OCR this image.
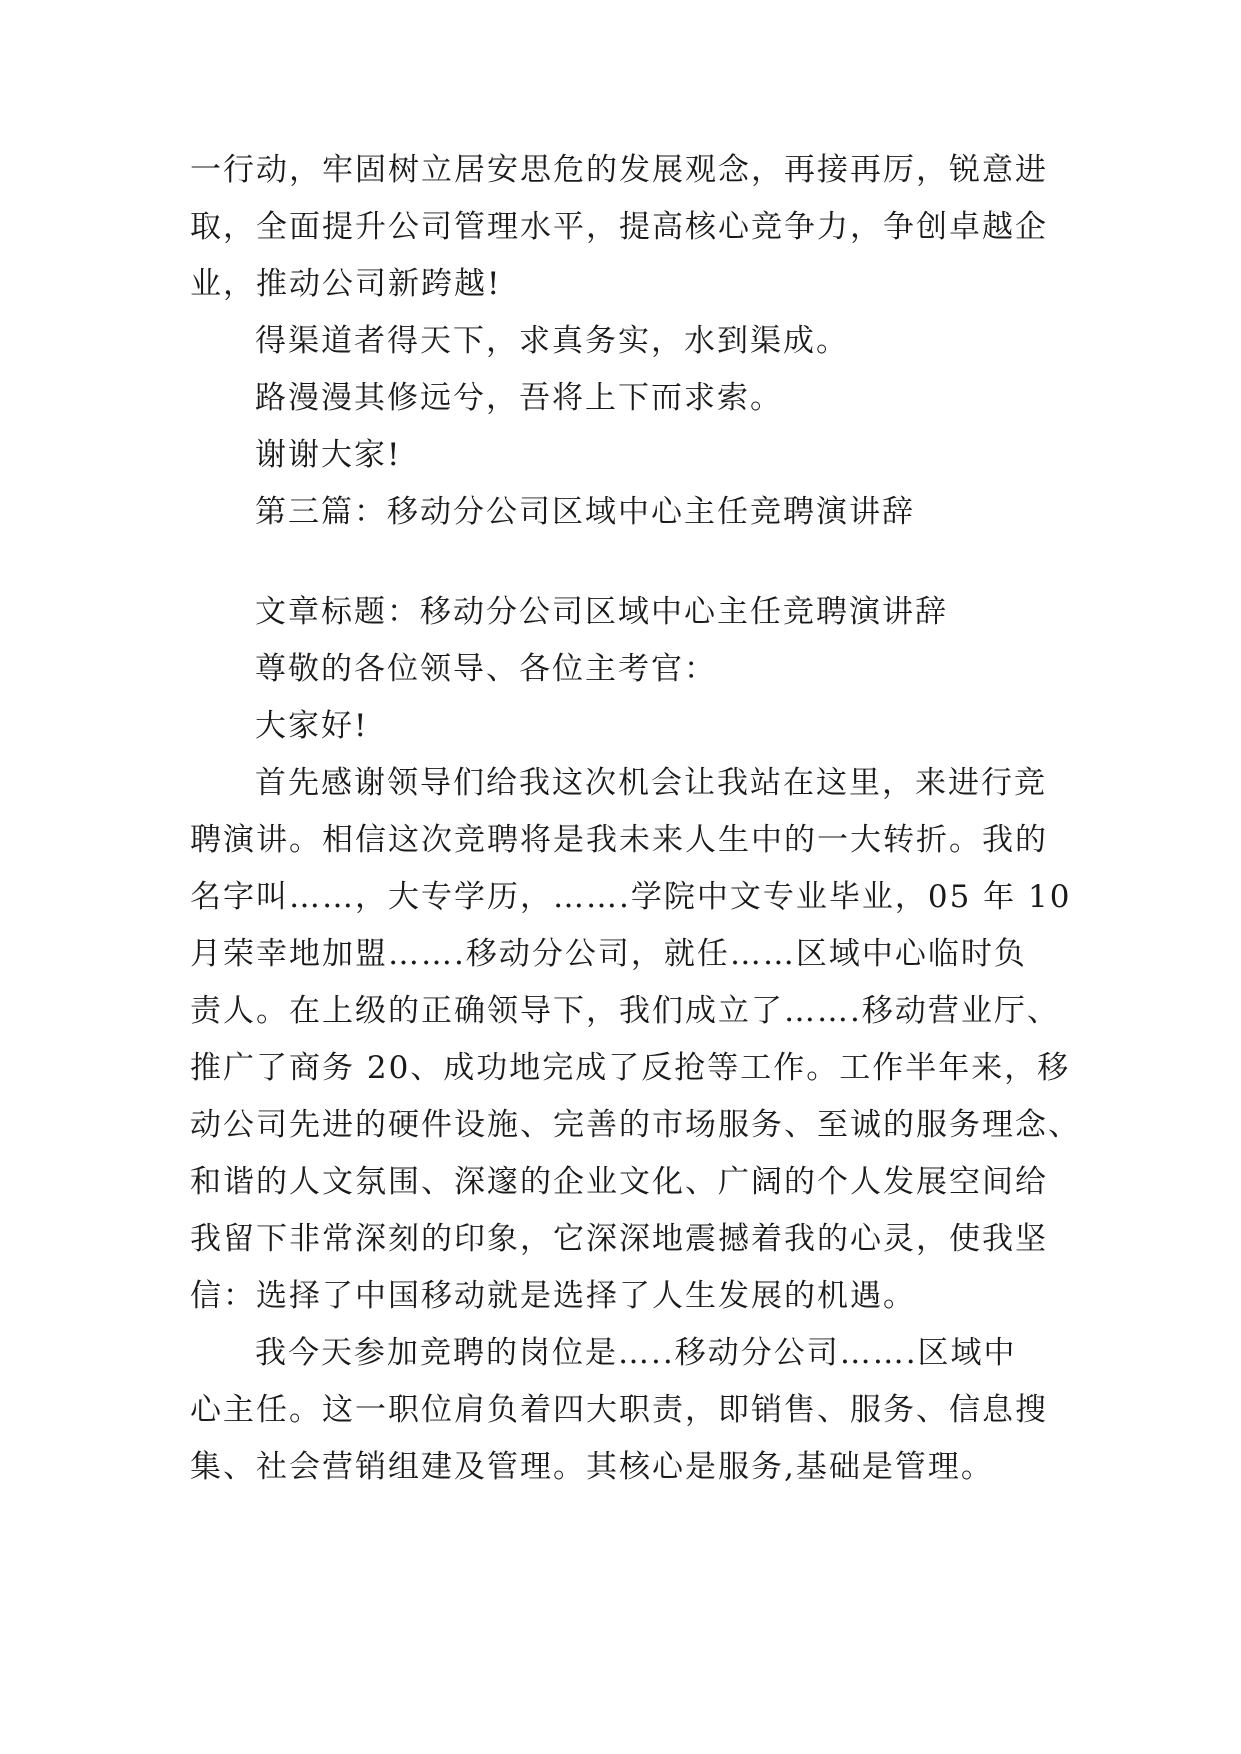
一行动，牢固树立居安思危的发展观念，再接再厉，锐意进
取，全面提升公司管理水平，提高核心竞争力，争创卓越企
业，推动公司新跨越!
得渠道者得天下，求真务实，水到渠成。
路漫漫其修远兮，吾将上下而求索。
谢谢大家!
第三篇：移动分公司区域中心主任竞聘演讲辞
文章标题：移动分公司区域中心主任竞聘演讲辞
尊敬的各位领导、各位主考官：
大家好!
首先感谢领导们给我这次机会让我站在这里，来进行竞
聘演讲。相信这次竞聘将是我未来人生中的一大转折。我的
名字叫……，大专学历，…….学院中文专业毕业，05 年 10
月荣幸地加盟…….移动分公司，就任……区域中心临时负
责人。在上级的正确领导下，我们成立了…….移动营业厅、
推广了商务 20、成功地完成了反抢等工作。工作半年来，移
动公司先进的硬件设施、完善的市场服务、至诚的服务理念、
和谐的人文氛围、深邃的企业文化、广阔的个人发展空间给
我留下非常深刻的印象，它深深地震撼着我的心灵，使我坚
信：选择了中国移动就是选择了人生发展的机遇。
我今天参加竞聘的岗位是…..移动分公司…….区域中
心主任。这一职位肩负着四大职责，即销售、服务、信息搜
集、社会营销组建及管理。其核心是服务,基础是管理。
